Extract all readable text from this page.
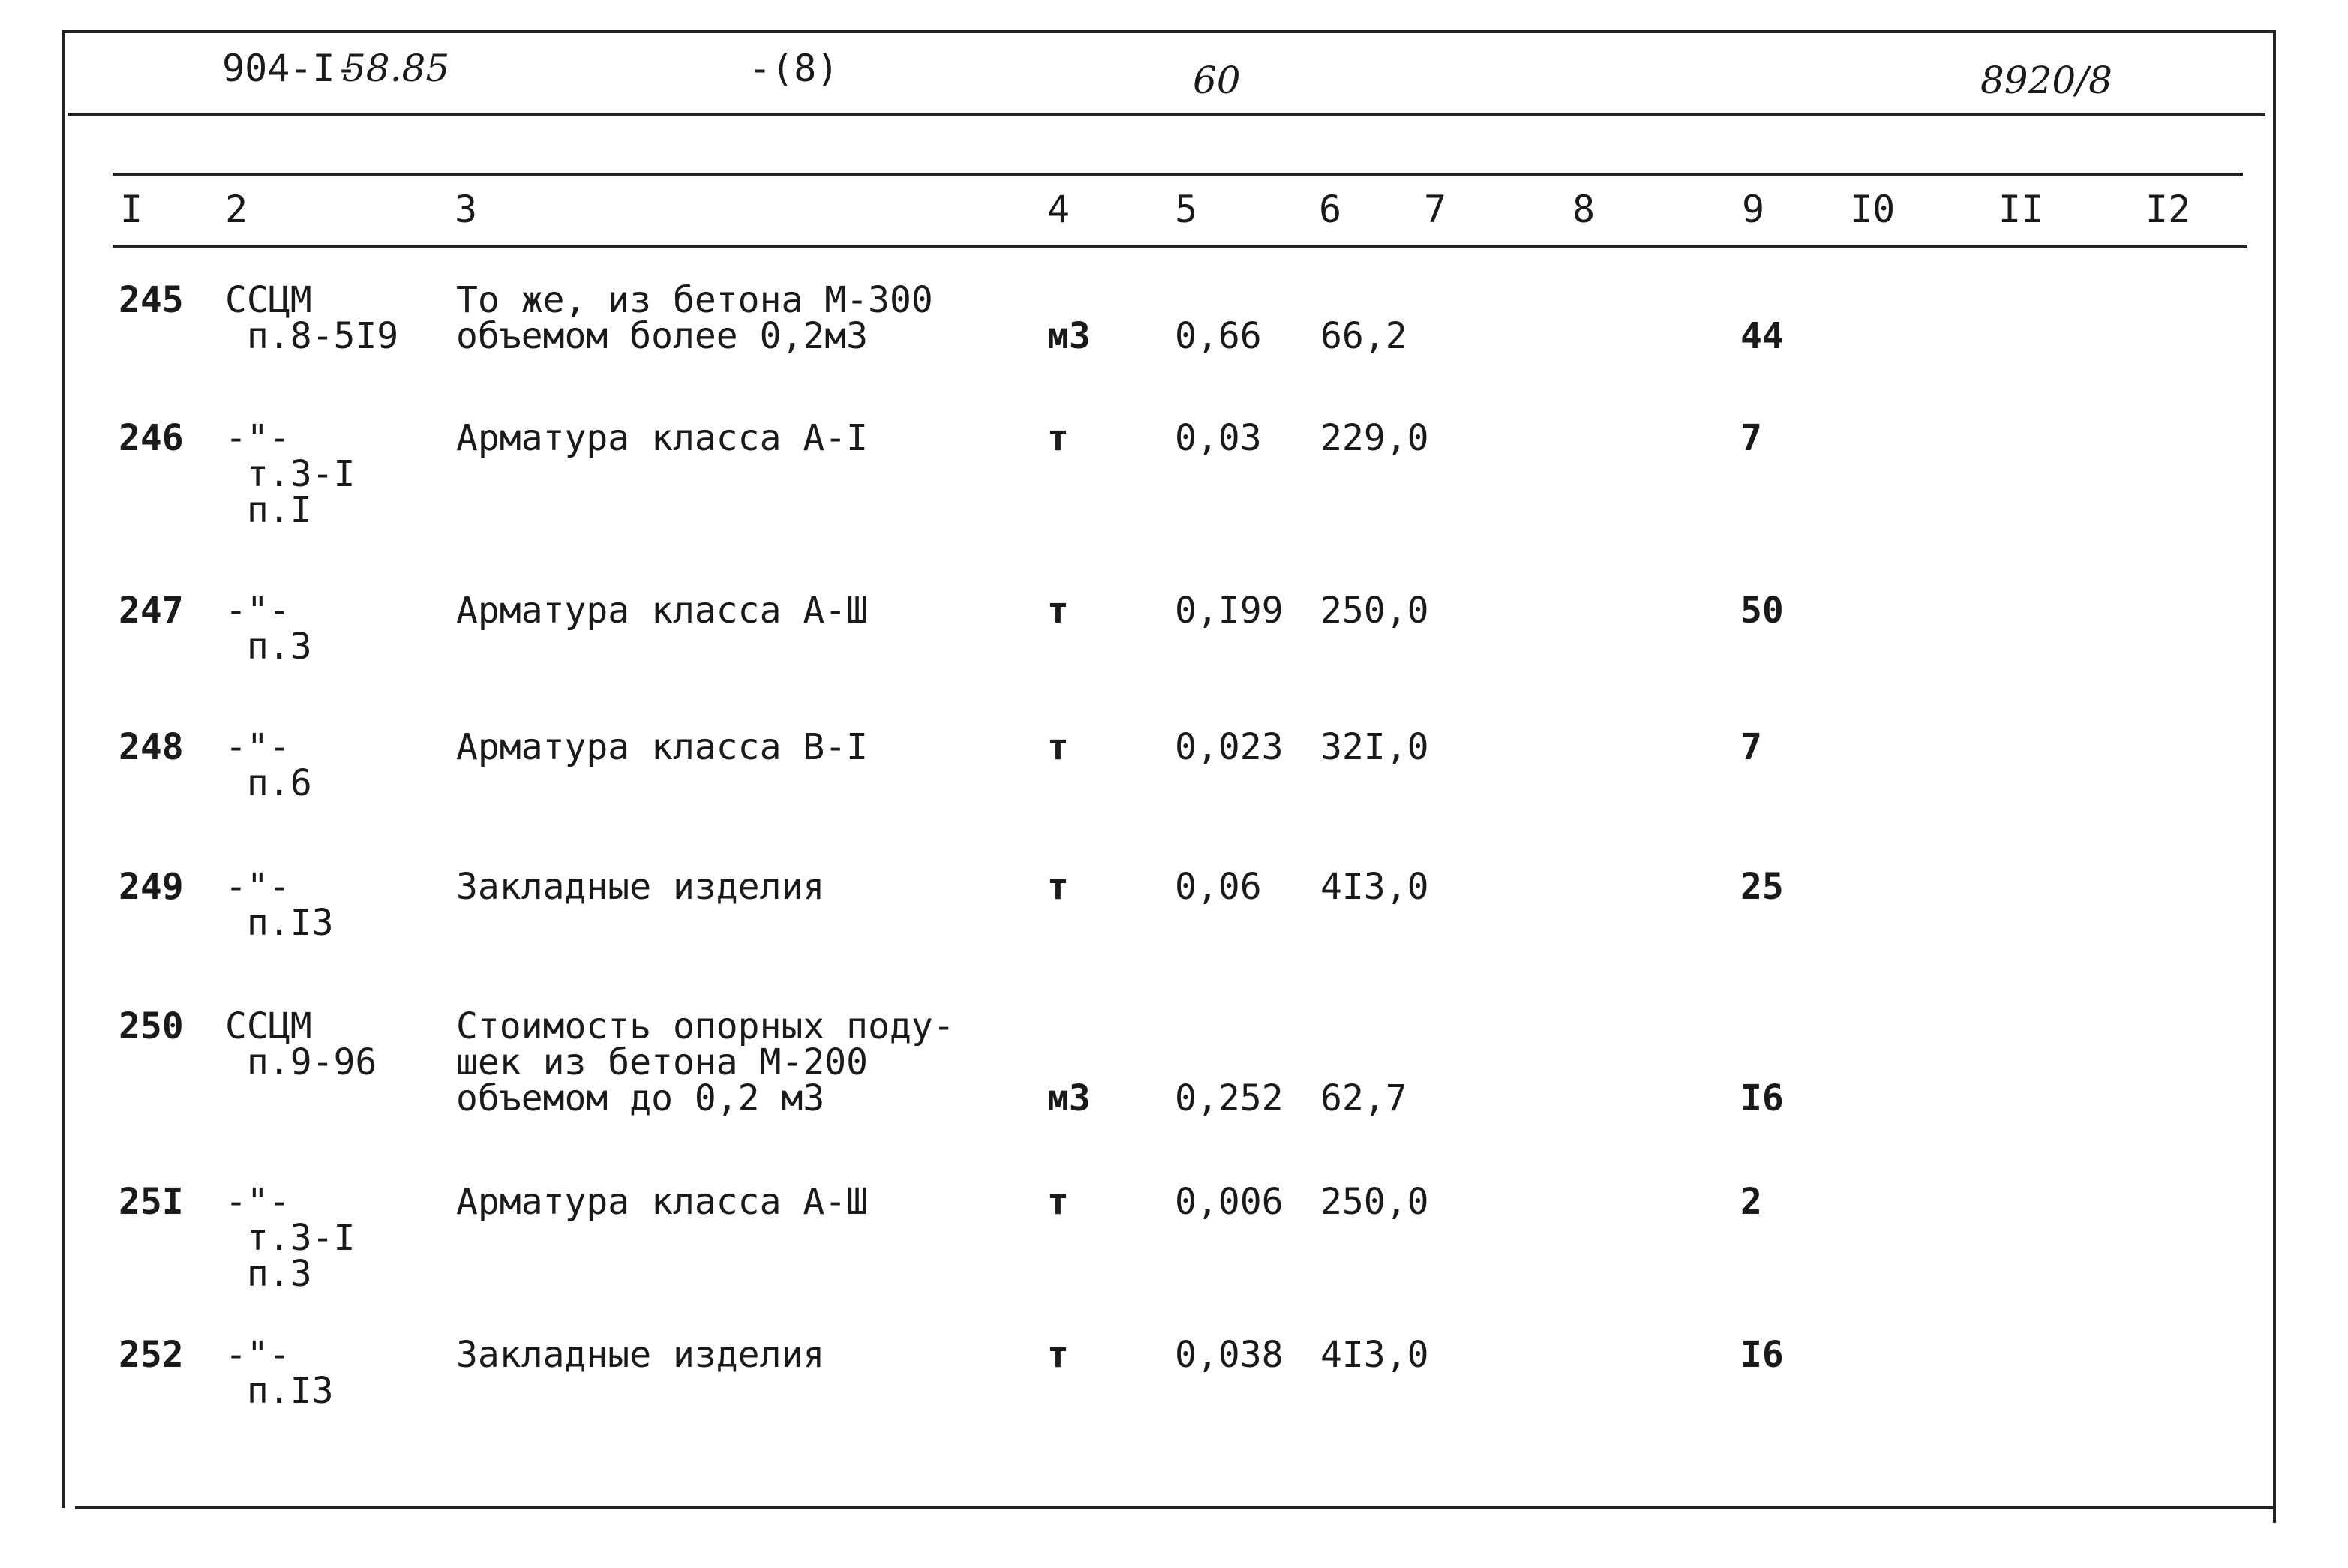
904-I-
58.85	-(8)	60	8920/8
I 2	3	4	5	6 7	8	9 I0	II	I2
245 ССЦМ
п.8-5I9
То же, из бетона М-300
объемом более 0,2м3	м3 0,66 66,2	44
246 -"-
т.3-I
п.I
Арматура класса А-I	т	0,03 229,0	7
247 -"-
п.3
Арматура класса А-Ш	т	0,I99 250,0	50
248 -"-
п.6
Арматура класса В-I	т	0,023 32I,0	7
249 -"-
п.I3
Закладные изделия	т	0,06 4I3,0	25
250 ССЦМ
п.9-96
Стоимость опорных поду-
шек из бетона М-200
объемом до 0,2 м3	м3 0,252 62,7	I6
25I -"-
т.3-I
п.3
Арматура класса А-Ш	т	0,006 250,0	2
252 -"-
п.I3
Закладные изделия	т	0,038 4I3,0	I6
